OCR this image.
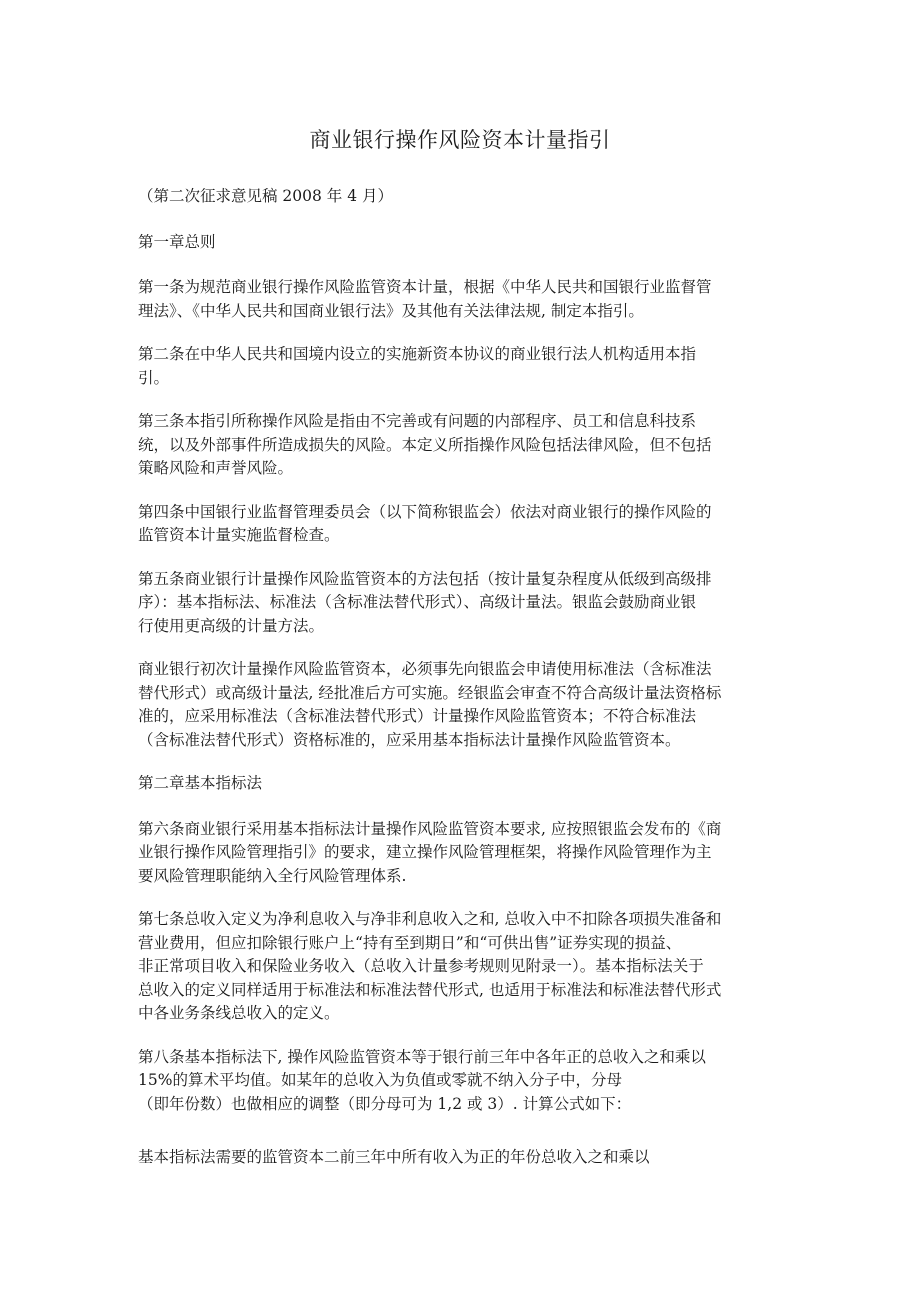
商业银行操作风险资本计量指引

（第二次征求意见稿 2008 年 4 月）

第一章总则

第一条为规范商业银行操作风险监管资本计量，根据《中华人民共和国银行业监督管
理法》、《中华人民共和国商业银行法》及其他有关法律法规, 制定本指引。

第二条在中华人民共和国境内设立的实施新资本协议的商业银行法人机构适用本指
引。

第三条本指引所称操作风险是指由不完善或有问题的内部程序、员工和信息科技系
统，以及外部事件所造成损失的风险。本定义所指操作风险包括法律风险，但不包括
策略风险和声誉风险。

第四条中国银行业监督管理委员会（以下简称银监会）依法对商业银行的操作风险的
监管资本计量实施监督检查。

第五条商业银行计量操作风险监管资本的方法包括（按计量复杂程度从低级到高级排
序）：基本指标法、标准法（含标准法替代形式）、高级计量法。银监会鼓励商业银
行使用更高级的计量方法。

商业银行初次计量操作风险监管资本，必须事先向银监会申请使用标准法（含标准法
替代形式）或高级计量法, 经批准后方可实施。经银监会审查不符合高级计量法资格标
准的，应采用标准法（含标准法替代形式）计量操作风险监管资本；不符合标准法
（含标准法替代形式）资格标准的，应采用基本指标法计量操作风险监管资本。

第二章基本指标法

第六条商业银行采用基本指标法计量操作风险监管资本要求, 应按照银监会发布的《商
业银行操作风险管理指引》的要求，建立操作风险管理框架，将操作风险管理作为主
要风险管理职能纳入全行风险管理体系.

第七条总收入定义为净利息收入与净非利息收入之和, 总收入中不扣除各项损失准备和
营业费用，但应扣除银行账户上“持有至到期日”和“可供出售”证券实现的损益、
非正常项目收入和保险业务收入（总收入计量参考规则见附录一）。基本指标法关于
总收入的定义同样适用于标准法和标准法替代形式, 也适用于标准法和标准法替代形式
中各业务条线总收入的定义。

第八条基本指标法下, 操作风险监管资本等于银行前三年中各年正的总收入之和乘以
15%的算术平均值。如某年的总收入为负值或零就不纳入分子中，分母
（即年份数）也做相应的调整（即分母可为 1,2 或 3）. 计算公式如下：

基本指标法需要的监管资本二前三年中所有收入为正的年份总收入之和乘以
